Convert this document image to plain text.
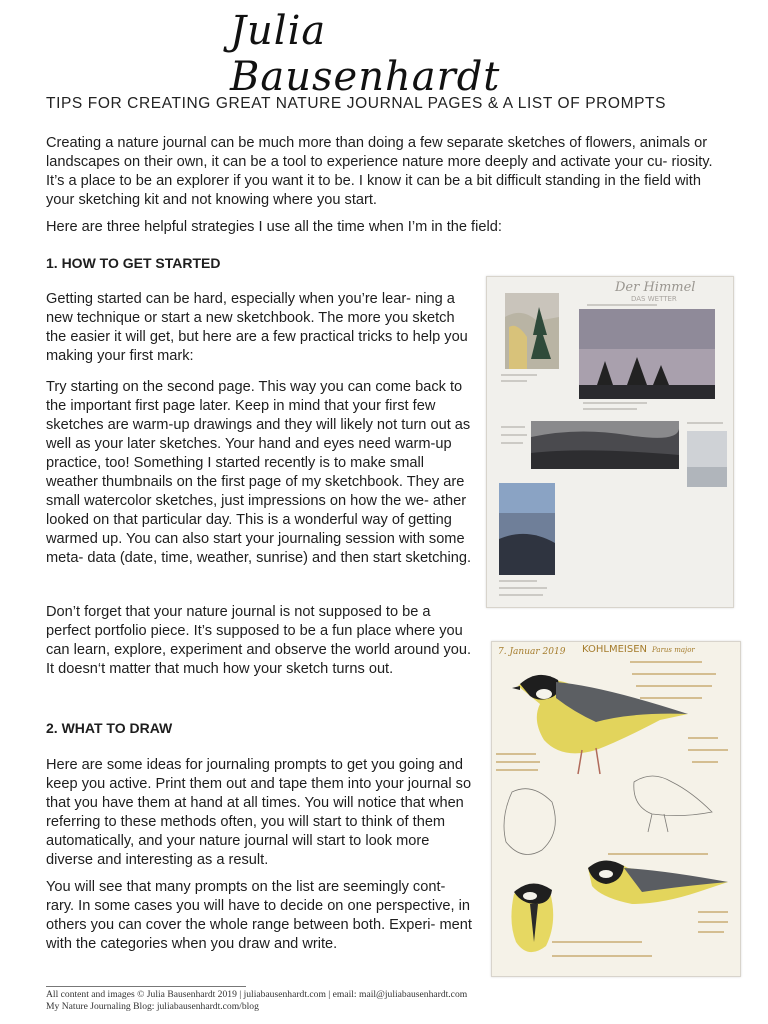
Julia Bausenhardt
TIPS FOR CREATING GREAT NATURE JOURNAL PAGES & A LIST OF PROMPTS

Creating a nature journal can be much more than doing a few separate sketches of flowers, animals or landscapes on their own, it can be a tool to experience nature more deeply and activate your cu- riosity. It’s a place to be an explorer if you want it to be. I know it can be a bit difficult standing in the field with your sketching kit and not knowing where you start.

Here are three helpful strategies I use all the time when I’m in the field:

1. HOW TO GET STARTED

Getting started can be hard, especially when you’re lear- ning a new technique or start a new sketchbook. The more you sketch the easier it will get, but here are a few practical tricks to help you making your first mark:

Try starting on the second page. This way you can come back to the important first page later. Keep in mind that your first few sketches are warm-up drawings and they will likely not turn out as well as your later sketches. Your hand and eyes need warm-up practice, too! Something I started recently is to make small weather thumbnails on the first page of my sketchbook. They are small watercolor sketches, just impressions on how the we- ather looked on that particular day. This is a wonderful way of getting warmed up. You can also start your journaling session with some meta- data (date, time, weather, sunrise) and then start sketching.

Don’t forget that your nature journal is not supposed to be a perfect portfolio piece. It’s supposed to be a fun place where you can learn, explore, experiment and observe the world around you. It doesn‘t matter that much how your sketch turns out.

2. WHAT TO DRAW

Here are some ideas for journaling prompts to get you going and keep you active. Print them out and tape them into your journal so that you have them at hand at all times. You will notice that when referring to these methods often, you will start to think of them automatically, and your nature journal will start to look more diverse and interesting as a result.

You will see that many prompts on the list are seemingly cont- rary. In some cases you will have to decide on one perspective, in others you can cover the whole range between both. Experi- ment with the categories when you draw and write.

Der Himmel
DAS WETTER
7. Januar 2019 KOHLMEISEN Parus major
All content and images © Julia Bausenhardt 2019 | juliabausenhardt.com | email: mail@juliabausenhardt.com
My Nature Journaling Blog: juliabausenhardt.com/blog
